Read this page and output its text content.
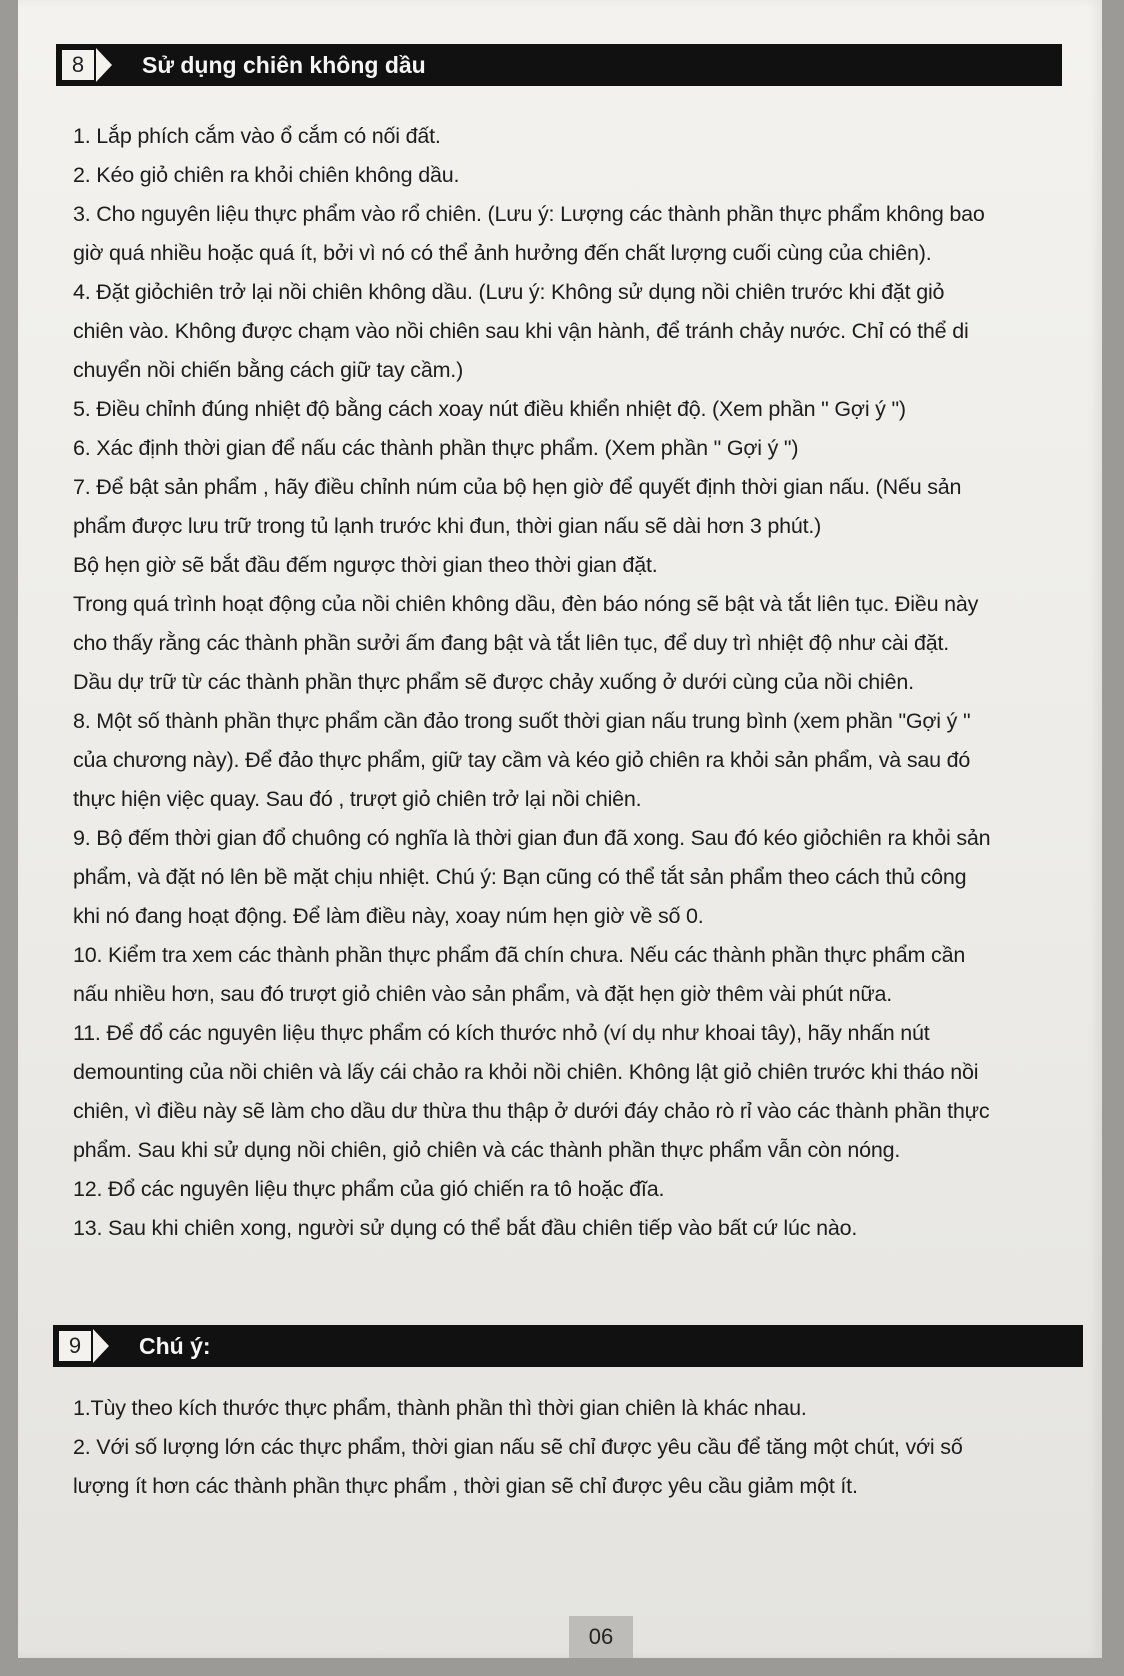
8	Sử dụng chiên không dầu
1. Lắp phích cắm vào ổ cắm có nối đất.
2. Kéo giỏ chiên ra khỏi chiên không dầu.
3. Cho nguyên liệu thực phẩm vào rổ chiên. (Lưu ý: Lượng các thành phần thực phẩm không bao
giờ quá nhiều hoặc quá ít, bởi vì nó có thể ảnh hưởng đến chất lượng cuối cùng của chiên).
4. Đặt giỏchiên trở lại nồi chiên không dầu. (Lưu ý: Không sử dụng nồi chiên trước khi đặt giỏ
chiên vào. Không được chạm vào nồi chiên sau khi vận hành, để tránh chảy nước. Chỉ có thể di
chuyển nồi chiến bằng cách giữ tay cầm.)
5. Điều chỉnh đúng nhiệt độ bằng cách xoay nút điều khiển nhiệt độ. (Xem phần " Gợi ý ")
6. Xác định thời gian để nấu các thành phần thực phẩm. (Xem phần " Gợi ý ")
7. Để bật sản phẩm , hãy điều chỉnh núm của bộ hẹn giờ để quyết định thời gian nấu. (Nếu sản
phẩm được lưu trữ trong tủ lạnh trước khi đun, thời gian nấu sẽ dài hơn 3 phút.)
Bộ hẹn giờ sẽ bắt đầu đếm ngược thời gian theo thời gian đặt.
Trong quá trình hoạt động của nồi chiên không dầu, đèn báo nóng sẽ bật và tắt liên tục. Điều này
cho thấy rằng các thành phần sưởi ấm đang bật và tắt liên tục, để duy trì nhiệt độ như cài đặt.
Dầu dự trữ từ các thành phần thực phẩm sẽ được chảy xuống ở dưới cùng của nồi chiên.
8. Một số thành phần thực phẩm cần đảo trong suốt thời gian nấu trung bình (xem phần "Gợi ý "
của chương này). Để đảo thực phẩm, giữ tay cầm và kéo giỏ chiên ra khỏi sản phẩm, và sau đó
thực hiện việc quay. Sau đó , trượt giỏ chiên trở lại nồi chiên.
9. Bộ đếm thời gian đổ chuông có nghĩa là thời gian đun đã xong. Sau đó kéo giỏchiên ra khỏi sản
phẩm, và đặt nó lên bề mặt chịu nhiệt. Chú ý: Bạn cũng có thể tắt sản phẩm theo cách thủ công
khi nó đang hoạt động. Để làm điều này, xoay núm hẹn giờ về số 0.
10. Kiểm tra xem các thành phần thực phẩm đã chín chưa. Nếu các thành phần thực phẩm cần
nấu nhiều hơn, sau đó trượt giỏ chiên vào sản phẩm, và đặt hẹn giờ thêm vài phút nữa.
11. Để đổ các nguyên liệu thực phẩm có kích thước nhỏ (ví dụ như khoai tây), hãy nhấn nút
demounting của nồi chiên và lấy cái chảo ra khỏi nồi chiên. Không lật giỏ chiên trước khi tháo nồi
chiên, vì điều này sẽ làm cho dầu dư thừa thu thập ở dưới đáy chảo rò rỉ vào các thành phần thực
phẩm. Sau khi sử dụng nồi chiên, giỏ chiên và các thành phần thực phẩm vẫn còn nóng.
12. Đổ các nguyên liệu thực phẩm của gió chiến ra tô hoặc đĩa.
13. Sau khi chiên xong, người sử dụng có thể bắt đầu chiên tiếp vào bất cứ lúc nào.
9	Chú ý:
1.Tùy theo kích thước thực phẩm, thành phần thì thời gian chiên là khác nhau.
2. Với số lượng lớn các thực phẩm, thời gian nấu sẽ chỉ được yêu cầu để tăng một chút, với số
lượng ít hơn các thành phần thực phẩm , thời gian sẽ chỉ được yêu cầu giảm một ít.
06
